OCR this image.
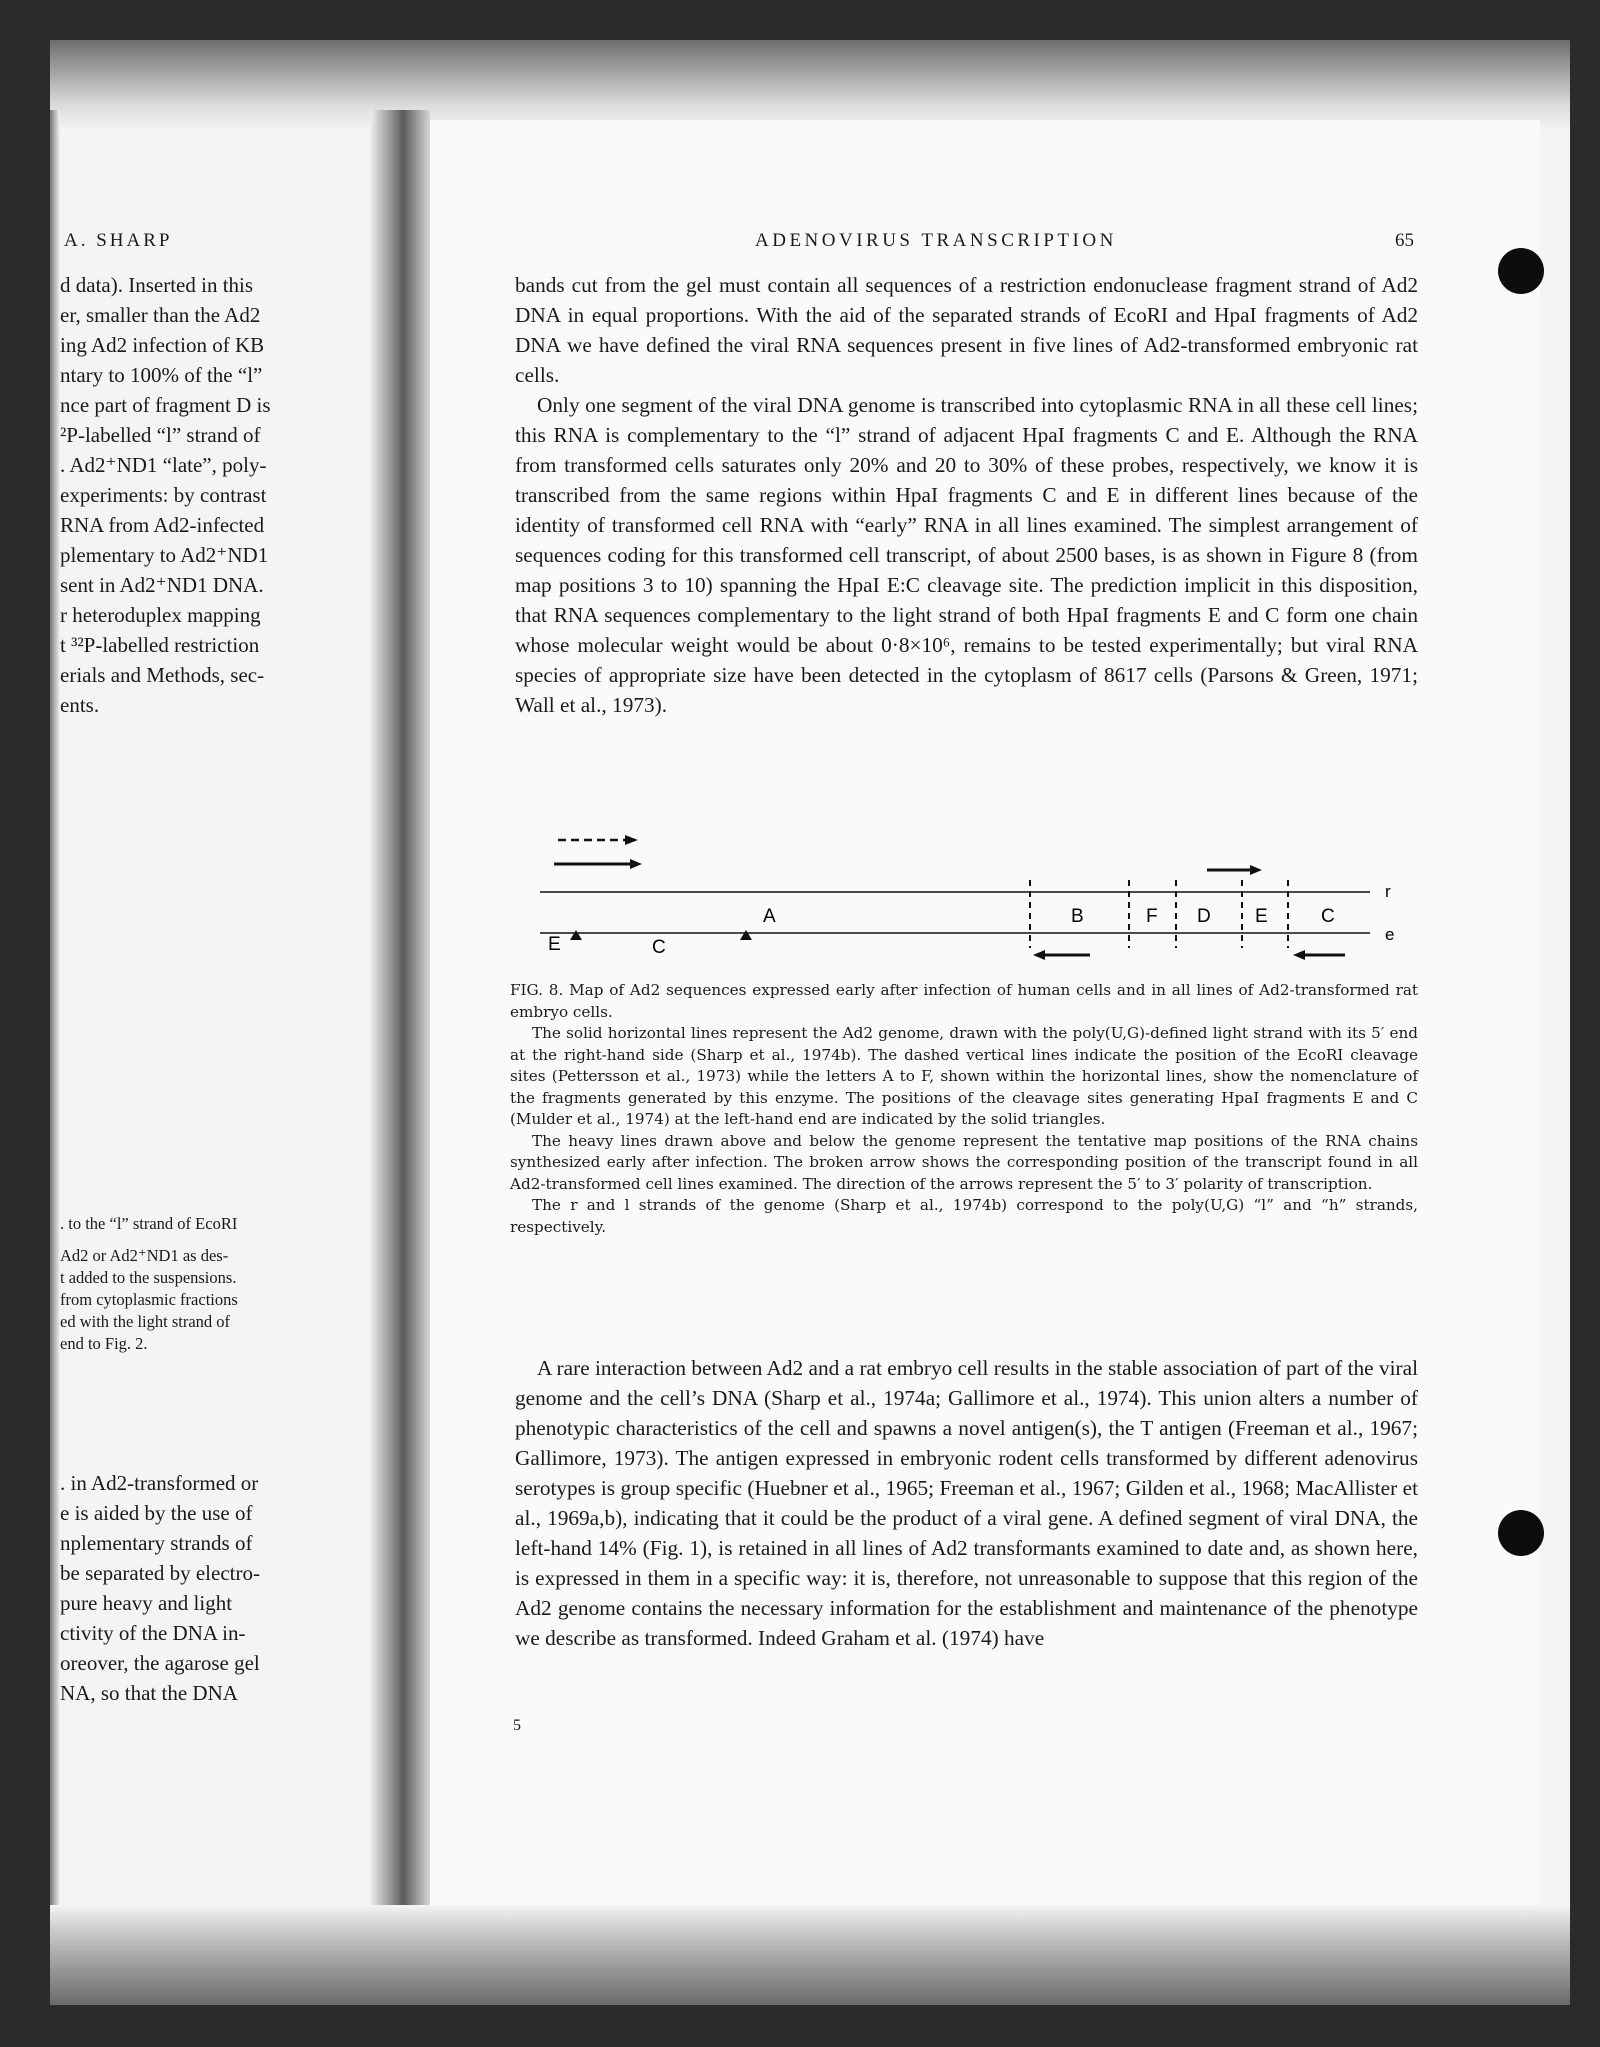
A. SHARP
d data). Inserted in this
er, smaller than the Ad2
ing Ad2 infection of KB
ntary to 100% of the “l”
nce part of fragment D is
²P-labelled “l” strand of
. Ad2⁺ND1 “late”, poly-
experiments: by contrast
RNA from Ad2-infected
plementary to Ad2⁺ND1
sent in Ad2⁺ND1 DNA.
r heteroduplex mapping
t ³²P-labelled restriction
erials and Methods, sec-
ents.
. to the “l” strand of EcoRI
Ad2 or Ad2⁺ND1 as des-
t added to the suspensions.
from cytoplasmic fractions
ed with the light strand of
end to Fig. 2.
. in Ad2-transformed or
e is aided by the use of
nplementary strands of
be separated by electro-
pure heavy and light
ctivity of the DNA in-
oreover, the agarose gel
NA, so that the DNA
ADENOVIRUS TRANSCRIPTION	65

bands cut from the gel must contain all sequences of a restriction endonuclease fragment strand of Ad2 DNA in equal proportions. With the aid of the separated strands of EcoRI and HpaI fragments of Ad2 DNA we have defined the viral RNA sequences present in five lines of Ad2-transformed embryonic rat cells.

Only one segment of the viral DNA genome is transcribed into cytoplasmic RNA in all these cell lines; this RNA is complementary to the “l” strand of adjacent HpaI fragments C and E. Although the RNA from transformed cells saturates only 20% and 20 to 30% of these probes, respectively, we know it is transcribed from the same regions within HpaI fragments C and E in different lines because of the identity of transformed cell RNA with “early” RNA in all lines examined. The simplest arrangement of sequences coding for this transformed cell transcript, of about 2500 bases, is as shown in Figure 8 (from map positions 3 to 10) spanning the HpaI E:C cleavage site. The prediction implicit in this disposition, that RNA sequences complementary to the light strand of both HpaI fragments E and C form one chain whose molecular weight would be about 0·8×10⁶, remains to be tested experimentally; but viral RNA species of appropriate size have been detected in the cytoplasm of 8617 cells (Parsons & Green, 1971; Wall et al., 1973).

r
e
A	B	F D E	C
E	C

FIG. 8. Map of Ad2 sequences expressed early after infection of human cells and in all lines of Ad2-transformed rat embryo cells.

The solid horizontal lines represent the Ad2 genome, drawn with the poly(U,G)-defined light strand with its 5′ end at the right-hand side (Sharp et al., 1974b). The dashed vertical lines indicate the position of the EcoRI cleavage sites (Pettersson et al., 1973) while the letters A to F, shown within the horizontal lines, show the nomenclature of the fragments generated by this enzyme. The positions of the cleavage sites generating HpaI fragments E and C (Mulder et al., 1974) at the left-hand end are indicated by the solid triangles.

The heavy lines drawn above and below the genome represent the tentative map positions of the RNA chains synthesized early after infection. The broken arrow shows the corresponding position of the transcript found in all Ad2-transformed cell lines examined. The direction of the arrows represent the 5′ to 3′ polarity of transcription.

The r and l strands of the genome (Sharp et al., 1974b) correspond to the poly(U,G) “l” and “h” strands, respectively.

A rare interaction between Ad2 and a rat embryo cell results in the stable association of part of the viral genome and the cell’s DNA (Sharp et al., 1974a; Gallimore et al., 1974). This union alters a number of phenotypic characteristics of the cell and spawns a novel antigen(s), the T antigen (Freeman et al., 1967; Gallimore, 1973). The antigen expressed in embryonic rodent cells transformed by different adenovirus serotypes is group specific (Huebner et al., 1965; Freeman et al., 1967; Gilden et al., 1968; MacAllister et al., 1969a,b), indicating that it could be the product of a viral gene. A defined segment of viral DNA, the left-hand 14% (Fig. 1), is retained in all lines of Ad2 transformants examined to date and, as shown here, is expressed in them in a specific way: it is, therefore, not unreasonable to suppose that this region of the Ad2 genome contains the necessary information for the establishment and maintenance of the phenotype we describe as transformed. Indeed Graham et al. (1974) have

5
